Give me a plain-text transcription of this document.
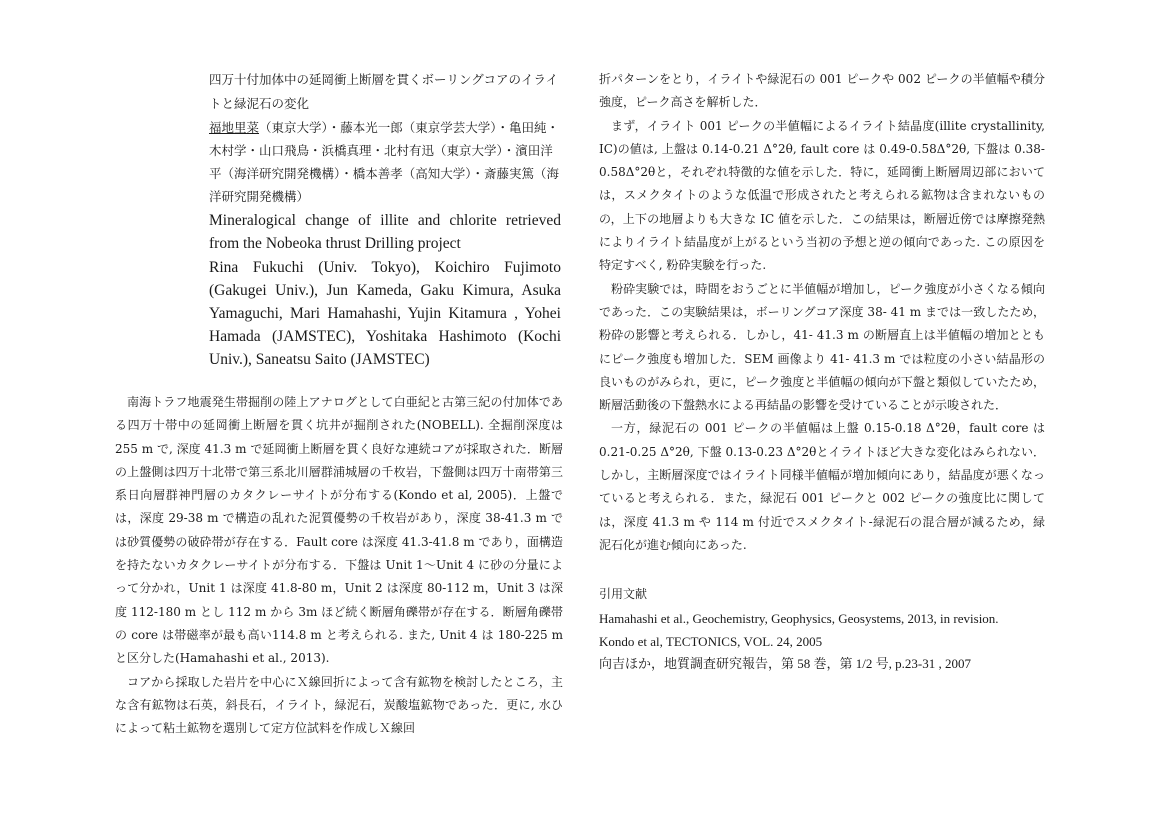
四万十付加体中の延岡衝上断層を貫くボーリングコアのイライトと緑泥石の変化

福地里菜（東京大学）・藤本光一郎（東京学芸大学）・亀田純・木村学・山口飛鳥・浜橋真理・北村有迅（東京大学）・濱田洋平（海洋研究開発機構）・橋本善孝（高知大学）・斎藤実篤（海洋研究開発機構）

Mineralogical change of illite and chlorite retrieved from the Nobeoka thrust Drilling project

Rina Fukuchi (Univ. Tokyo), Koichiro Fujimoto (Gakugei Univ.), Jun Kameda, Gaku Kimura, Asuka Yamaguchi, Mari Hamahashi, Yujin Kitamura , Yohei Hamada (JAMSTEC), Yoshitaka Hashimoto (Kochi Univ.), Saneatsu Saito (JAMSTEC)

南海トラフ地震発生帯掘削の陸上アナログとして白亜紀と古第三紀の付加体である四万十帯中の延岡衝上断層を貫く坑井が掘削された(NOBELL). 全掘削深度は 255 m で, 深度 41.3 m で延岡衝上断層を貫く良好な連続コアが採取された．断層の上盤側は四万十北帯で第三系北川層群浦城層の千枚岩，下盤側は四万十南帯第三系日向層群神門層のカタクレーサイトが分布する(Kondo et al, 2005)．上盤では，深度 29-38 m で構造の乱れた泥質優勢の千枚岩があり，深度 38-41.3 m では砂質優勢の破砕帯が存在する．Fault core は深度 41.3-41.8 m であり，面構造を持たないカタクレーサイトが分布する．下盤は Unit 1〜Unit 4 に砂の分量によって分かれ，Unit 1 は深度 41.8-80 m，Unit 2 は深度 80-112 m，Unit 3 は深度 112-180 m とし 112 m から 3m ほど続く断層角礫帯が存在する．断層角礫帯の core は帯磁率が最も高い114.8 m と考えられる. また, Unit 4 は 180-225 m と区分した(Hamahashi et al., 2013).

コアから採取した岩片を中心にＸ線回折によって含有鉱物を検討したところ，主な含有鉱物は石英，斜長石，イライト，緑泥石，炭酸塩鉱物であった．更に, 水ひによって粘土鉱物を選別して定方位試料を作成しＸ線回

折パターンをとり，イライトや緑泥石の 001 ピークや 002 ピークの半値幅や積分強度，ピーク高さを解析した．

まず，イライト 001 ピークの半値幅によるイライト結晶度(illite crystallinity, IC)の値は, 上盤は 0.14‐0.21 Δ°2θ, fault core は 0.49‐0.58Δ°2θ, 下盤は 0.38‐0.58Δ°2θと，それぞれ特徴的な値を示した．特に，延岡衝上断層周辺部においては，スメクタイトのような低温で形成されたと考えられる鉱物は含まれないものの，上下の地層よりも大きな IC 値を示した．この結果は，断層近傍では摩擦発熱によりイライト結晶度が上がるという当初の予想と逆の傾向であった. この原因を特定すべく, 粉砕実験を行った.

粉砕実験では，時間をおうごとに半値幅が増加し，ピーク強度が小さくなる傾向であった．この実験結果は，ボーリングコア深度 38- 41 m までは一致したため，粉砕の影響と考えられる．しかし，41- 41.3 m の断層直上は半値幅の増加とともにピーク強度も増加した．SEM 画像より 41- 41.3 m では粒度の小さい結晶形の良いものがみられ，更に，ピーク強度と半値幅の傾向が下盤と類似していたため，断層活動後の下盤熱水による再結晶の影響を受けていることが示唆された．

一方，緑泥石の 001 ピークの半値幅は上盤 0.15-0.18 Δ°2θ，fault core は 0.21-0.25 Δ°2θ, 下盤 0.13‐0.23 Δ°2θとイライトほど大きな変化はみられない．しかし，主断層深度ではイライト同様半値幅が増加傾向にあり，結晶度が悪くなっていると考えられる．また，緑泥石 001 ピークと 002 ピークの強度比に関しては，深度 41.3 m や 114 m 付近でスメクタイト-緑泥石の混合層が減るため，緑泥石化が進む傾向にあった.

引用文献

Hamahashi et al., Geochemistry, Geophysics, Geosystems, 2013, in revision.

Kondo et al, TECTONICS, VOL. 24, 2005

向吉ほか，地質調査研究報告，第 58 巻，第 1/2 号, p.23-31 , 2007
